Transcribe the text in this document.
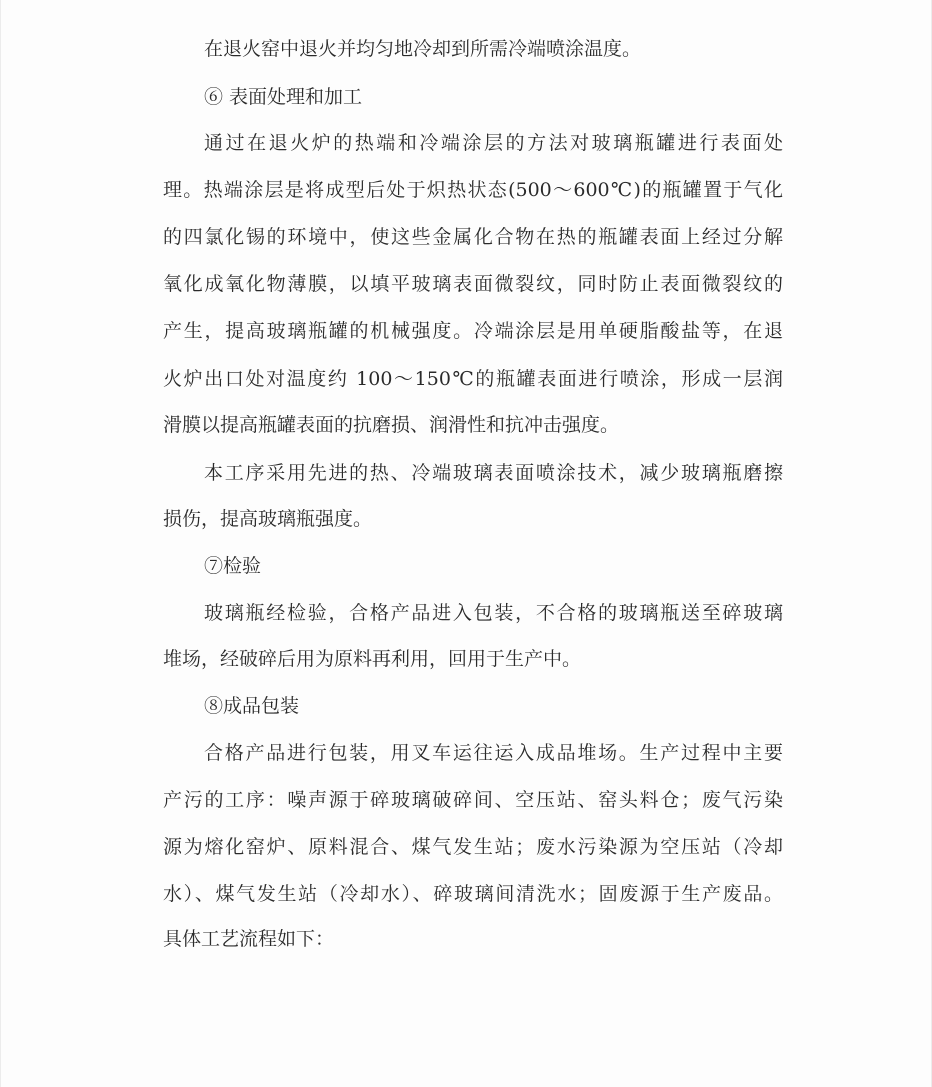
在退火窑中退火并均匀地冷却到所需冷端喷涂温度。
⑥ 表面处理和加工
通过在退火炉的热端和冷端涂层的方法对玻璃瓶罐进行表面处
理。热端涂层是将成型后处于炽热状态(500～600℃)的瓶罐置于气化
的四氯化锡的环境中，使这些金属化合物在热的瓶罐表面上经过分解
氧化成氧化物薄膜，以填平玻璃表面微裂纹，同时防止表面微裂纹的
产生，提高玻璃瓶罐的机械强度。冷端涂层是用单硬脂酸盐等，在退
火炉出口处对温度约 100～150℃的瓶罐表面进行喷涂，形成一层润
滑膜以提高瓶罐表面的抗磨损、润滑性和抗冲击强度。
本工序采用先进的热、冷端玻璃表面喷涂技术，减少玻璃瓶磨擦
损伤，提高玻璃瓶强度。
⑦检验
玻璃瓶经检验，合格产品进入包装，不合格的玻璃瓶送至碎玻璃
堆场，经破碎后用为原料再利用，回用于生产中。
⑧成品包装
合格产品进行包装，用叉车运往运入成品堆场。生产过程中主要
产污的工序：噪声源于碎玻璃破碎间、空压站、窑头料仓；废气污染
源为熔化窑炉、原料混合、煤气发生站；废水污染源为空压站（冷却
水）、煤气发生站（冷却水）、碎玻璃间清洗水；固废源于生产废品。
具体工艺流程如下：
